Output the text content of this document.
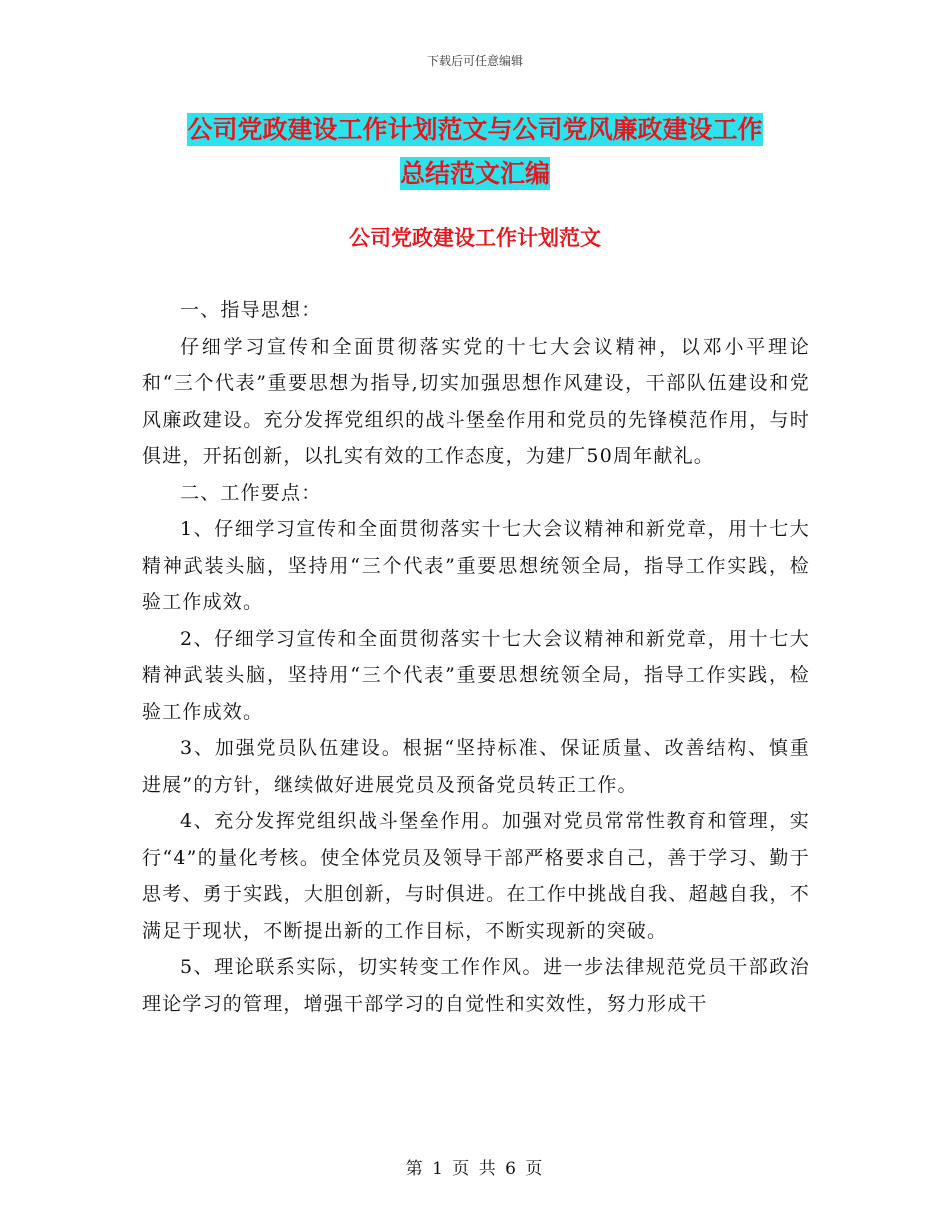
下载后可任意编辑
公司党政建设工作计划范文与公司党风廉政建设工作
总结范文汇编
公司党政建设工作计划范文

一、指导思想：

仔细学习宣传和全面贯彻落实党的十七大会议精神，以邓小平理论和“三个代表”重要思想为指导,切实加强思想作风建设，干部队伍建设和党风廉政建设。充分发挥党组织的战斗堡垒作用和党员的先锋模范作用，与时俱进，开拓创新，以扎实有效的工作态度，为建厂50周年献礼。

二、工作要点：

1、仔细学习宣传和全面贯彻落实十七大会议精神和新党章，用十七大精神武装头脑，坚持用“三个代表”重要思想统领全局，指导工作实践，检验工作成效。

2、仔细学习宣传和全面贯彻落实十七大会议精神和新党章，用十七大精神武装头脑，坚持用“三个代表”重要思想统领全局，指导工作实践，检验工作成效。

3、加强党员队伍建设。根据“坚持标准、保证质量、改善结构、慎重进展”的方针，继续做好进展党员及预备党员转正工作。

4、充分发挥党组织战斗堡垒作用。加强对党员常常性教育和管理，实行“4”的量化考核。使全体党员及领导干部严格要求自己，善于学习、勤于思考、勇于实践，大胆创新，与时俱进。在工作中挑战自我、超越自我，不满足于现状，不断提出新的工作目标，不断实现新的突破。

5、理论联系实际，切实转变工作作风。进一步法律规范党员干部政治理论学习的管理，增强干部学习的自觉性和实效性，努力形成干

第 1 页 共 6 页
